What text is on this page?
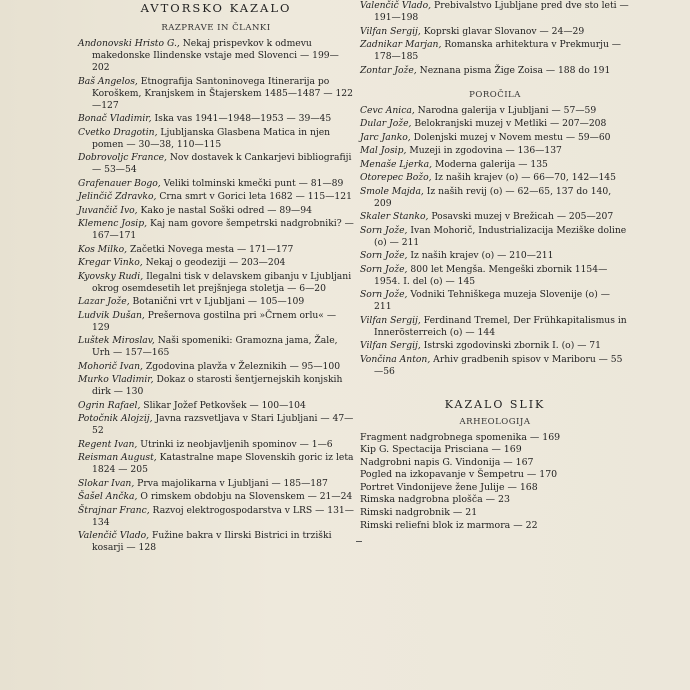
AVTORSKO KAZALO
RAZPRAVE IN ČLANKI
Andonovski Hristo G., Nekaj prispevkov k odmevu makedonske Ilindenske vstaje med Slovenci — 199—202
Baš Angelos, Etnografija Santoninovega Itinerarija po Koroškem, Kranjskem in Štajerskem 1485—1487 — 122—127
Bonač Vladimir, Iska vas 1941—1948—1953 — 39—45
Cvetko Dragotin, Ljubljanska Glasbena Matica in njen pomen — 30—38, 110—115
Dobrovoljc France, Nov dostavek k Cankarjevi bibliografiji — 53—54
Grafenauer Bogo, Veliki tolminski kmečki punt — 81—89
Jelinčič Zdravko, Crna smrt v Gorici leta 1682 — 115—121
Juvančič Ivo, Kako je nastal Soški odred — 89—94
Klemenc Josip, Kaj nam govore šempetrski nadgrobniki? — 167—171
Kos Milko, Začetki Novega mesta — 171—177
Kregar Vinko, Nekaj o geodeziji — 203—204
Kyovsky Rudi, Ilegalni tisk v delavskem gibanju v Ljubljani okrog osemdesetih let prejšnjega stoletja — 6—20
Lazar Jože, Botanični vrt v Ljubljani — 105—109
Ludvik Dušan, Prešernova gostilna pri »Črnem orlu« — 129
Luštek Miroslav, Naši spomeniki: Gramozna jama, Žale, Urh — 157—165
Mohorič Ivan, Zgodovina plavža v Železnikih — 95—100
Murko Vladimir, Dokaz o starosti šentjernejskih konjskih dirk — 130
Ogrin Rafael, Slikar Jožef Petkovšek — 100—104
Potočnik Alojzij, Javna razsvetljava v Stari Ljubljani — 47—52
Regent Ivan, Utrinki iz neobjavljenih spominov — 1—6
Reisman August, Katastralne mape Slovenskih goric iz leta 1824 — 205
Slokar Ivan, Prva majolikarna v Ljubljani — 185—187
Šašel Ančka, O rimskem obdobju na Slovenskem — 21—24
Štrajnar Franc, Razvoj elektrogospodarstva v LRS — 131—134
Valenčič Vlado, Fužine bakra v Ilirski Bistrici in trziški kosarji — 128
Valenčič Vlado, Prebivalstvo Ljubljane pred dve sto leti — 191—198
Vilfan Sergij, Koprski glavar Slovanov — 24—29
Zadnikar Marjan, Romanska arhitektura v Prekmurju — 178—185
Zontar Jože, Neznana pisma Žige Zoisa — 188 do 191
POROČILA
Cevc Anica, Narodna galerija v Ljubljani — 57—59
Dular Jože, Belokranjski muzej v Metliki — 207—208
Jarc Janko, Dolenjski muzej v Novem mestu — 59—60
Mal Josip, Muzeji in zgodovina — 136—137
Menaše Ljerka, Moderna galerija — 135
Otorepec Božo, Iz naših krajev (o) — 66—70, 142—145
Smole Majda, Iz naših revij (o) — 62—65, 137 do 140, 209
Skaler Stanko, Posavski muzej v Brežicah — 205—207
Sorn Jože, Ivan Mohorič, Industrializacija Meziške doline (o) — 211
Sorn Jože, Iz naših krajev (o) — 210—211
Sorn Jože, 800 let Mengša. Mengeški zbornik 1154—1954. I. del (o) — 145
Sorn Jože, Vodniki Tehniškega muzeja Slovenije (o) — 211
Vilfan Sergij, Ferdinand Tremel, Der Frühkapitalismus in Innerösterreich (o) — 144
Vilfan Sergij, Istrski zgodovinski zbornik I. (o) — 71
Vončina Anton, Arhiv gradbenih spisov v Mariboru — 55—56
KAZALO SLIK
ARHEOLOGIJA
Fragment nadgrobnega spomenika — 169
Kip G. Spectacija Prisciana — 169
Nadgrobni napis G. Vindonija — 167
Pogled na izkopavanje v Šempetru — 170
Portret Vindonijeve žene Julije — 168
Rimska nadgrobna plošča — 23
Rimski nadgrobnik — 21
Rimski reliefni blok iz marmora — 22
